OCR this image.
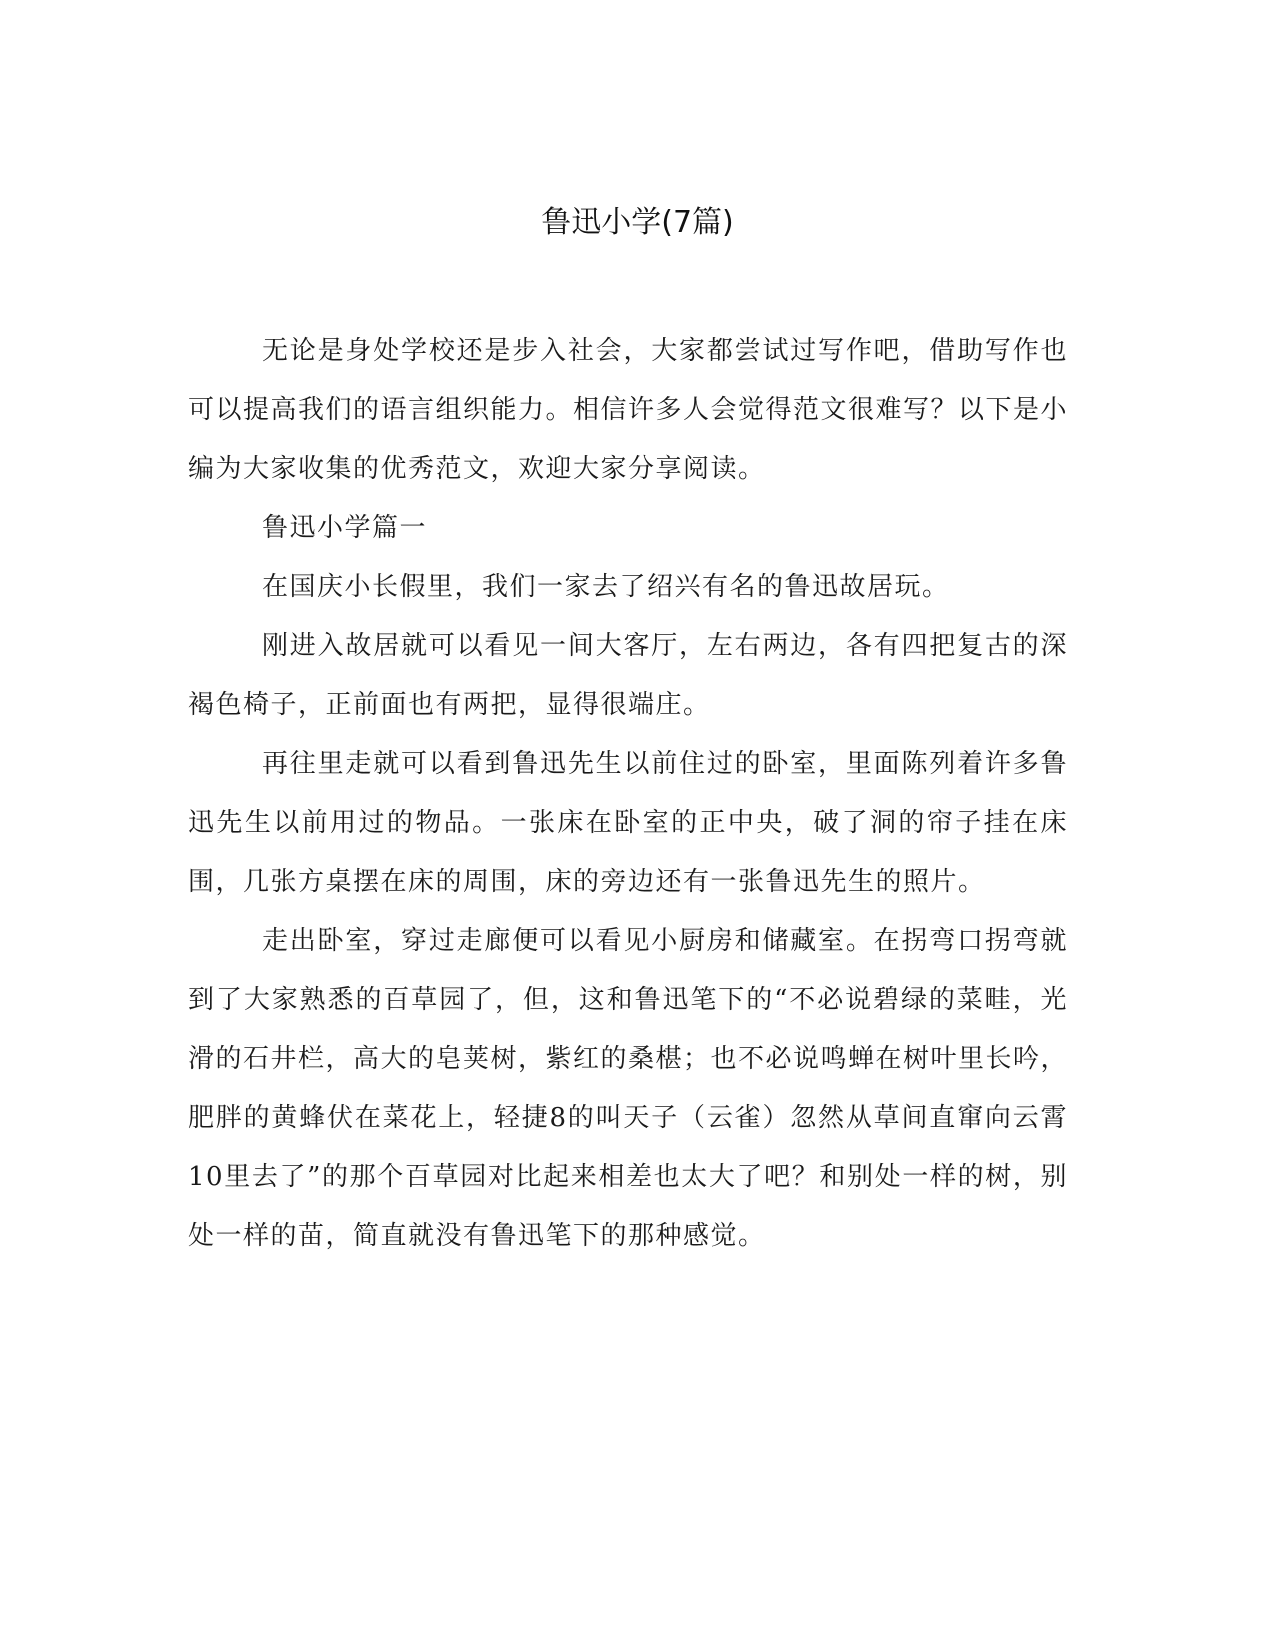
鲁迅小学(7篇)

无论是身处学校还是步入社会，大家都尝试过写作吧，借助写作也可以提高我们的语言组织能力。相信许多人会觉得范文很难写？以下是小编为大家收集的优秀范文，欢迎大家分享阅读。

鲁迅小学篇一

在国庆小长假里，我们一家去了绍兴有名的鲁迅故居玩。

刚进入故居就可以看见一间大客厅，左右两边，各有四把复古的深褐色椅子，正前面也有两把，显得很端庄。

再往里走就可以看到鲁迅先生以前住过的卧室，里面陈列着许多鲁迅先生以前用过的物品。一张床在卧室的正中央，破了洞的帘子挂在床围，几张方桌摆在床的周围，床的旁边还有一张鲁迅先生的照片。

走出卧室，穿过走廊便可以看见小厨房和储藏室。在拐弯口拐弯就到了大家熟悉的百草园了，但，这和鲁迅笔下的“不必说碧绿的菜畦，光滑的石井栏，高大的皂荚树，紫红的桑椹；也不必说鸣蝉在树叶里长吟，肥胖的黄蜂伏在菜花上，轻捷8的叫天子（云雀）忽然从草间直窜向云霄10里去了”的那个百草园对比起来相差也太大了吧？和别处一样的树，别处一样的苗，简直就没有鲁迅笔下的那种感觉。
